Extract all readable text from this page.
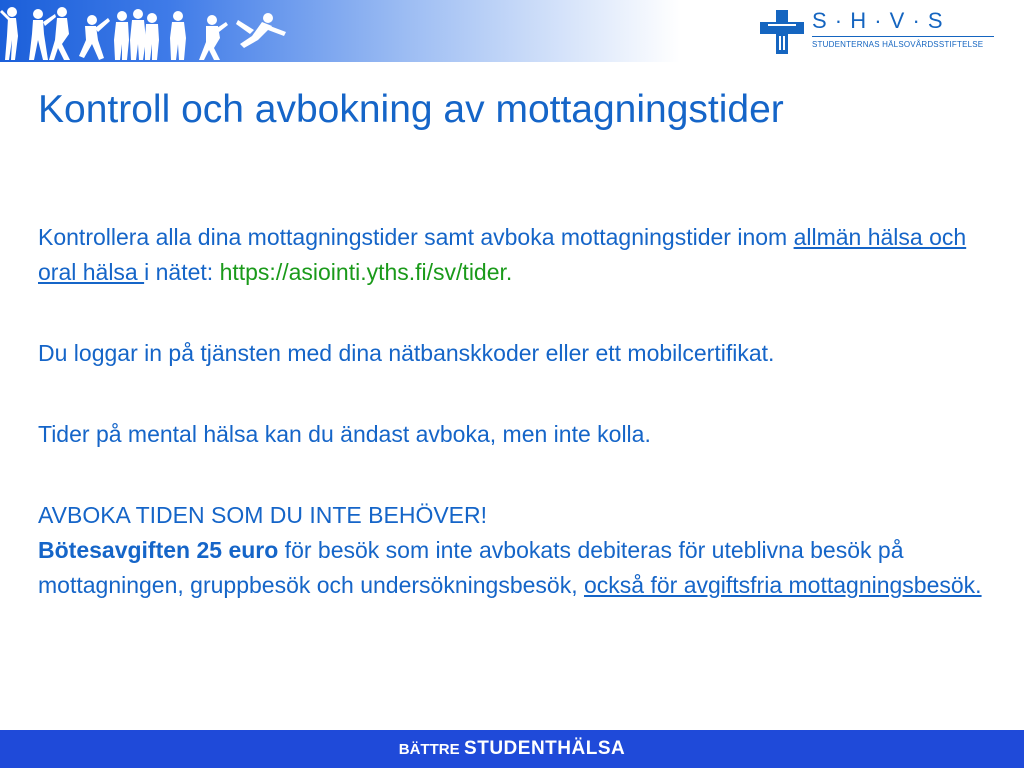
S · H · V · S
STUDENTERNAS HÄLSOVÅRDSSTIFTELSE
Kontroll och avbokning av mottagningstider

Kontrollera alla dina mottagningstider samt avboka mottagningstider inom allmän hälsa och oral hälsa i nätet: https://asiointi.yths.fi/sv/tider.

Du loggar in på tjänsten med dina nätbanskkoder eller ett mobilcertifikat.

Tider på mental hälsa kan du ändast avboka, men inte kolla.

AVBOKA TIDEN SOM DU INTE BEHÖVER!

Bötesavgiften 25 euro för besök som inte avbokats debiteras för uteblivna besök på mottagningen, gruppbesök och undersökningsbesök, också för avgiftsfria mottagningsbesök.

BÄTTRE STUDENTHÄLSA
